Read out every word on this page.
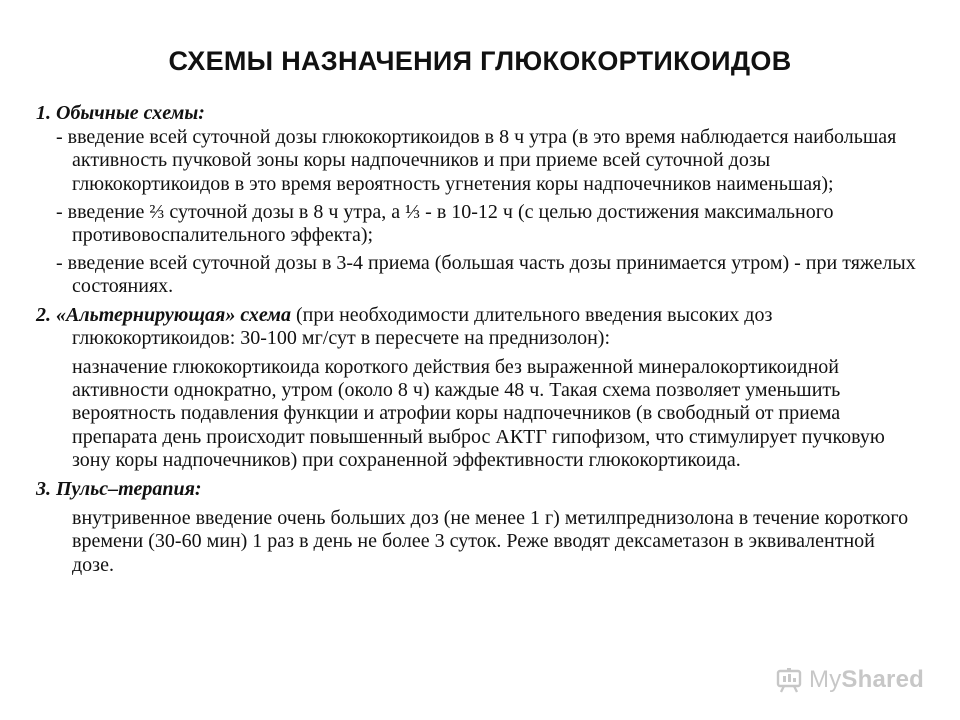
СХЕМЫ НАЗНАЧЕНИЯ ГЛЮКОКОРТИКОИДОВ
1. Обычные схемы:
- введение всей суточной дозы глюкокортикоидов в 8 ч утра (в это время наблюдается наибольшая активность пучковой зоны коры надпочечников и при приеме всей суточной дозы глюкокортикоидов в это время вероятность угнетения коры надпочечников наименьшая);
- введение ⅔ суточной дозы в 8 ч утра, а ⅓ - в 10-12 ч (с целью достижения максимального противовоспалительного эффекта);
- введение всей суточной дозы в 3-4 приема (большая часть дозы принимается утром) - при тяжелых состояниях.
2. «Альтернирующая» схема (при необходимости длительного введения высоких доз глюкокортикоидов: 30-100 мг/сут в пересчете на преднизолон):
назначение глюкокортикоида короткого действия без выраженной минералокортикоидной активности однократно, утром (около 8 ч) каждые 48 ч. Такая схема позволяет уменьшить вероятность подавления функции и атрофии коры надпочечников (в свободный от приема препарата день происходит повышенный выброс АКТГ гипофизом, что стимулирует пучковую зону коры надпочечников) при сохраненной эффективности глюкокортикоида.
3. Пульс–терапия:
внутривенное введение очень больших доз (не менее 1 г) метилпреднизолона в течение короткого времени (30-60 мин) 1 раз в день не более 3 суток. Реже вводят дексаметазон в эквивалентной дозе.
MyShared
